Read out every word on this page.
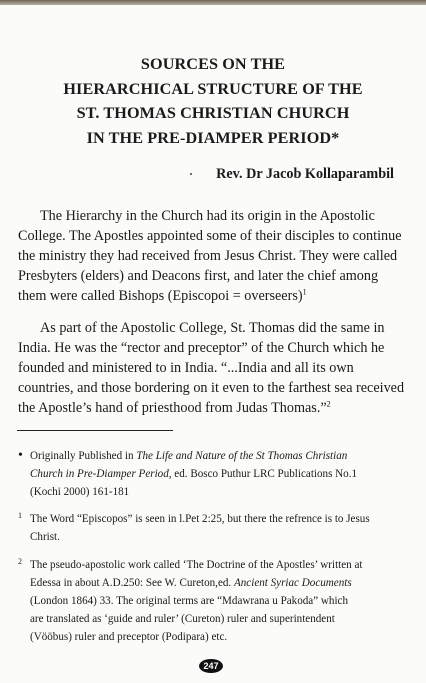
SOURCES ON THE
HIERARCHICAL STRUCTURE OF THE
ST. THOMAS CHRISTIAN CHURCH
IN THE PRE-DIAMPER PERIOD*
Rev. Dr Jacob Kollaparambil
The Hierarchy in the Church had its origin in the Apostolic
College. The Apostles appointed some of their disciples to continue
the ministry they had received from Jesus Christ. They were called
Presbyters (elders) and Deacons first, and later the chief among
them were called Bishops (Episcopoi = overseers)$^1$
As part of the Apostolic College, St. Thomas did the same in
India. He was the “rector and preceptor” of the Church which he
founded and ministered to in India. “...India and all its own
countries, and those bordering on it even to the farthest sea received
the Apostle’s hand of priesthood from Judas Thomas.”$^2$
• Originally Published in The Life and Nature of the St Thomas Christian
Church in Pre-Diamper Period, ed. Bosco Puthur LRC Publications No.1
(Kochi 2000) 161-181
1 The Word “Episcopos” is seen in l.Pet 2:25, but there the refrence is to Jesus
Christ.
2 The pseudo-apostolic work called ‘The Doctrine of the Apostles’ written at
Edessa in about A.D.250: See W. Cureton,ed. Ancient Syriac Documents
(London 1864) 33. The original terms are “Mdawrana u Pakoda” which
are translated as ‘guide and ruler’ (Cureton) ruler and superintendent
(Vööbus) ruler and preceptor (Podipara) etc.
247
